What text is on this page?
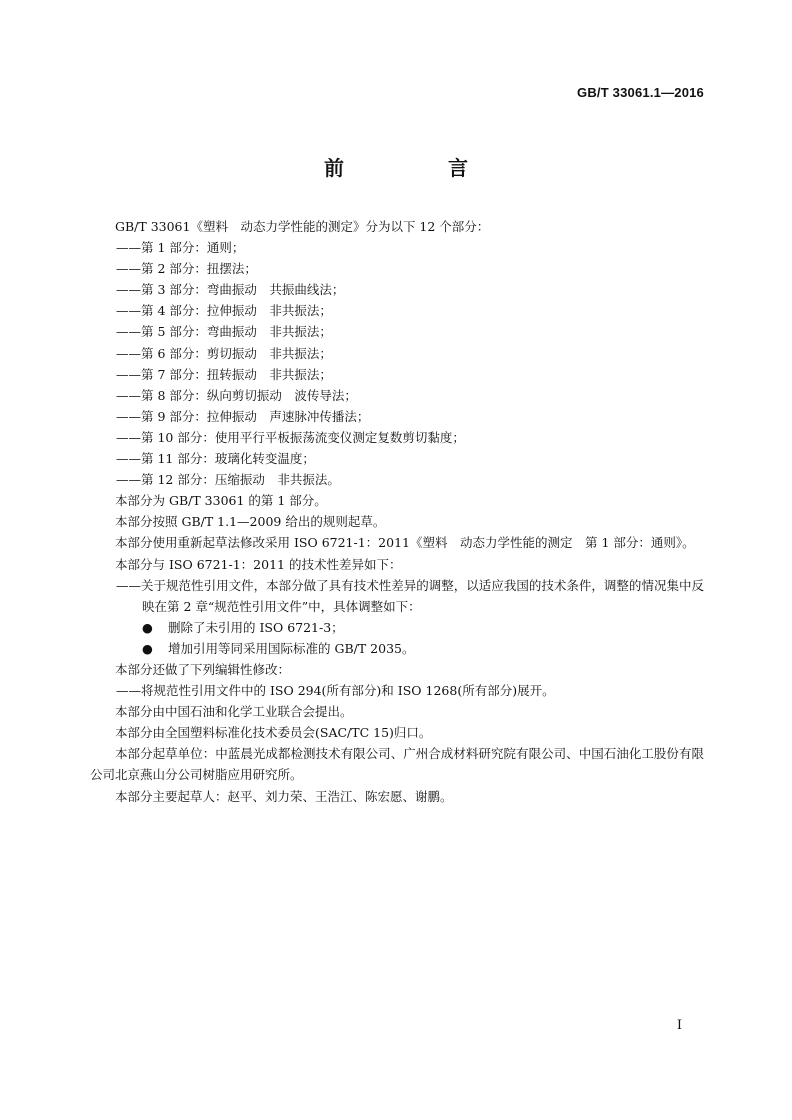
GB/T 33061.1—2016
前　言

GB/T 33061《塑料　动态力学性能的测定》分为以下 12 个部分：

——第 1 部分：通则；

——第 2 部分：扭摆法；

——第 3 部分：弯曲振动　共振曲线法；

——第 4 部分：拉伸振动　非共振法；

——第 5 部分：弯曲振动　非共振法；

——第 6 部分：剪切振动　非共振法；

——第 7 部分：扭转振动　非共振法；

——第 8 部分：纵向剪切振动　波传导法；

——第 9 部分：拉伸振动　声速脉冲传播法；

——第 10 部分：使用平行平板振荡流变仪测定复数剪切黏度；

——第 11 部分：玻璃化转变温度；

——第 12 部分：压缩振动　非共振法。

本部分为 GB/T 33061 的第 1 部分。

本部分按照 GB/T 1.1—2009 给出的规则起草。

本部分使用重新起草法修改采用 ISO 6721-1：2011《塑料　动态力学性能的测定　第 1 部分：通则》。

本部分与 ISO 6721-1：2011 的技术性差异如下：

——关于规范性引用文件，本部分做了具有技术性差异的调整，以适应我国的技术条件，调整的情况集中反映在第 2 章“规范性引用文件”中，具体调整如下：

● 删除了未引用的 ISO 6721-3；

● 增加引用等同采用国际标准的 GB/T 2035。

本部分还做了下列编辑性修改：

——将规范性引用文件中的 ISO 294(所有部分)和 ISO 1268(所有部分)展开。

本部分由中国石油和化学工业联合会提出。

本部分由全国塑料标准化技术委员会(SAC/TC 15)归口。

本部分起草单位：中蓝晨光成都检测技术有限公司、广州合成材料研究院有限公司、中国石油化工股份有限公司北京燕山分公司树脂应用研究所。

本部分主要起草人：赵平、刘力荣、王浩江、陈宏愿、谢鹏。

I
